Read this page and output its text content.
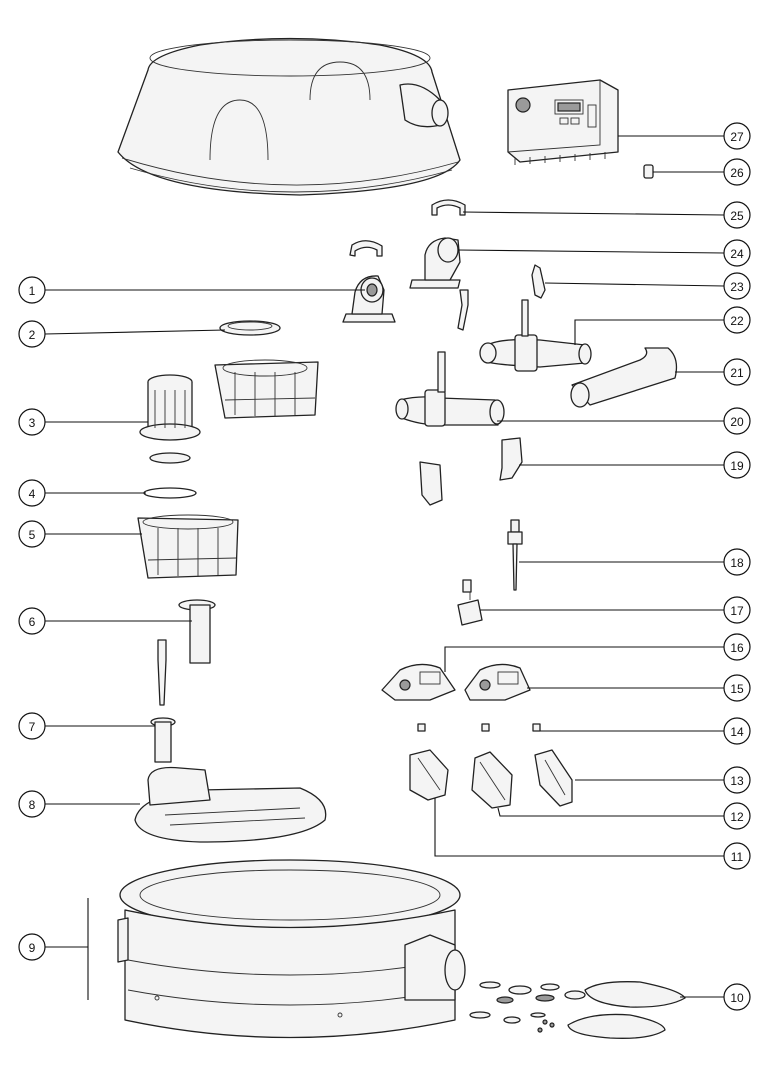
1
2
3
4
5
6
7
8
9
10
11
12
13
14
15
16
17
18
19
20
21
22
23
24
25
26
27
